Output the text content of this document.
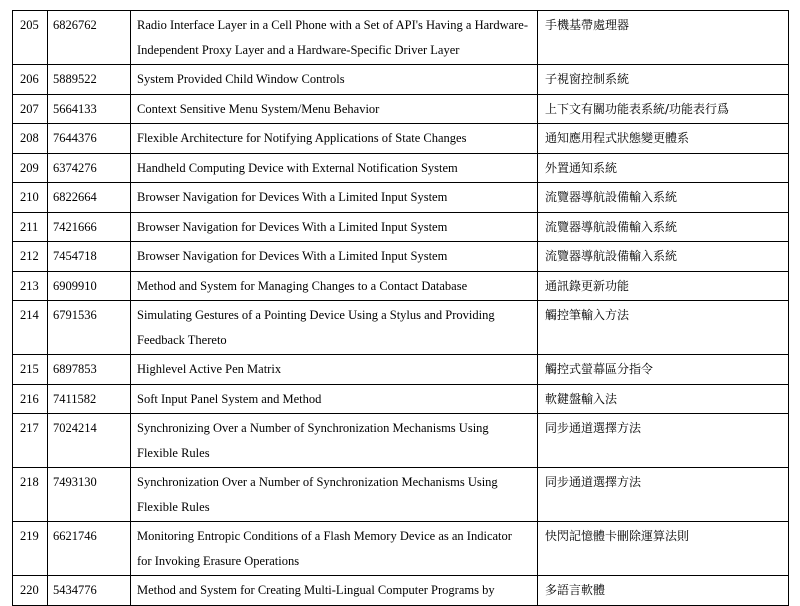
205	6826762	Radio Interface Layer in a Cell Phone with a Set of API's Having a Hardware-Independent Proxy Layer and a Hardware-Specific Driver Layer	手機基帶處理器
206	5889522	System Provided Child Window Controls	子視窗控制系統
207	5664133	Context Sensitive Menu System/Menu Behavior	上下文有關功能表系統/功能表行爲
208	7644376	Flexible Architecture for Notifying Applications of State Changes	通知應用程式狀態變更體系
209	6374276	Handheld Computing Device with External Notification System	外置通知系統
210	6822664	Browser Navigation for Devices With a Limited Input System	流覽器導航設備輸入系統
211	7421666	Browser Navigation for Devices With a Limited Input System	流覽器導航設備輸入系統
212	7454718	Browser Navigation for Devices With a Limited Input System	流覽器導航設備輸入系統
213	6909910	Method and System for Managing Changes to a Contact Database	通訊錄更新功能
214	6791536	Simulating Gestures of a Pointing Device Using a Stylus and Providing Feedback Thereto	觸控筆輸入方法
215	6897853	Highlevel Active Pen Matrix	觸控式螢幕區分指令
216	7411582	Soft Input Panel System and Method	軟鍵盤輸入法
217	7024214	Synchronizing Over a Number of Synchronization Mechanisms Using Flexible Rules	同步通道選擇方法
218	7493130	Synchronization Over a Number of Synchronization Mechanisms Using Flexible Rules	同步通道選擇方法
219	6621746	Monitoring Entropic Conditions of a Flash Memory Device as an Indicator for Invoking Erasure Operations	快閃記憶體卡刪除運算法則
220	5434776	Method and System for Creating Multi-Lingual Computer Programs by	多語言軟體
